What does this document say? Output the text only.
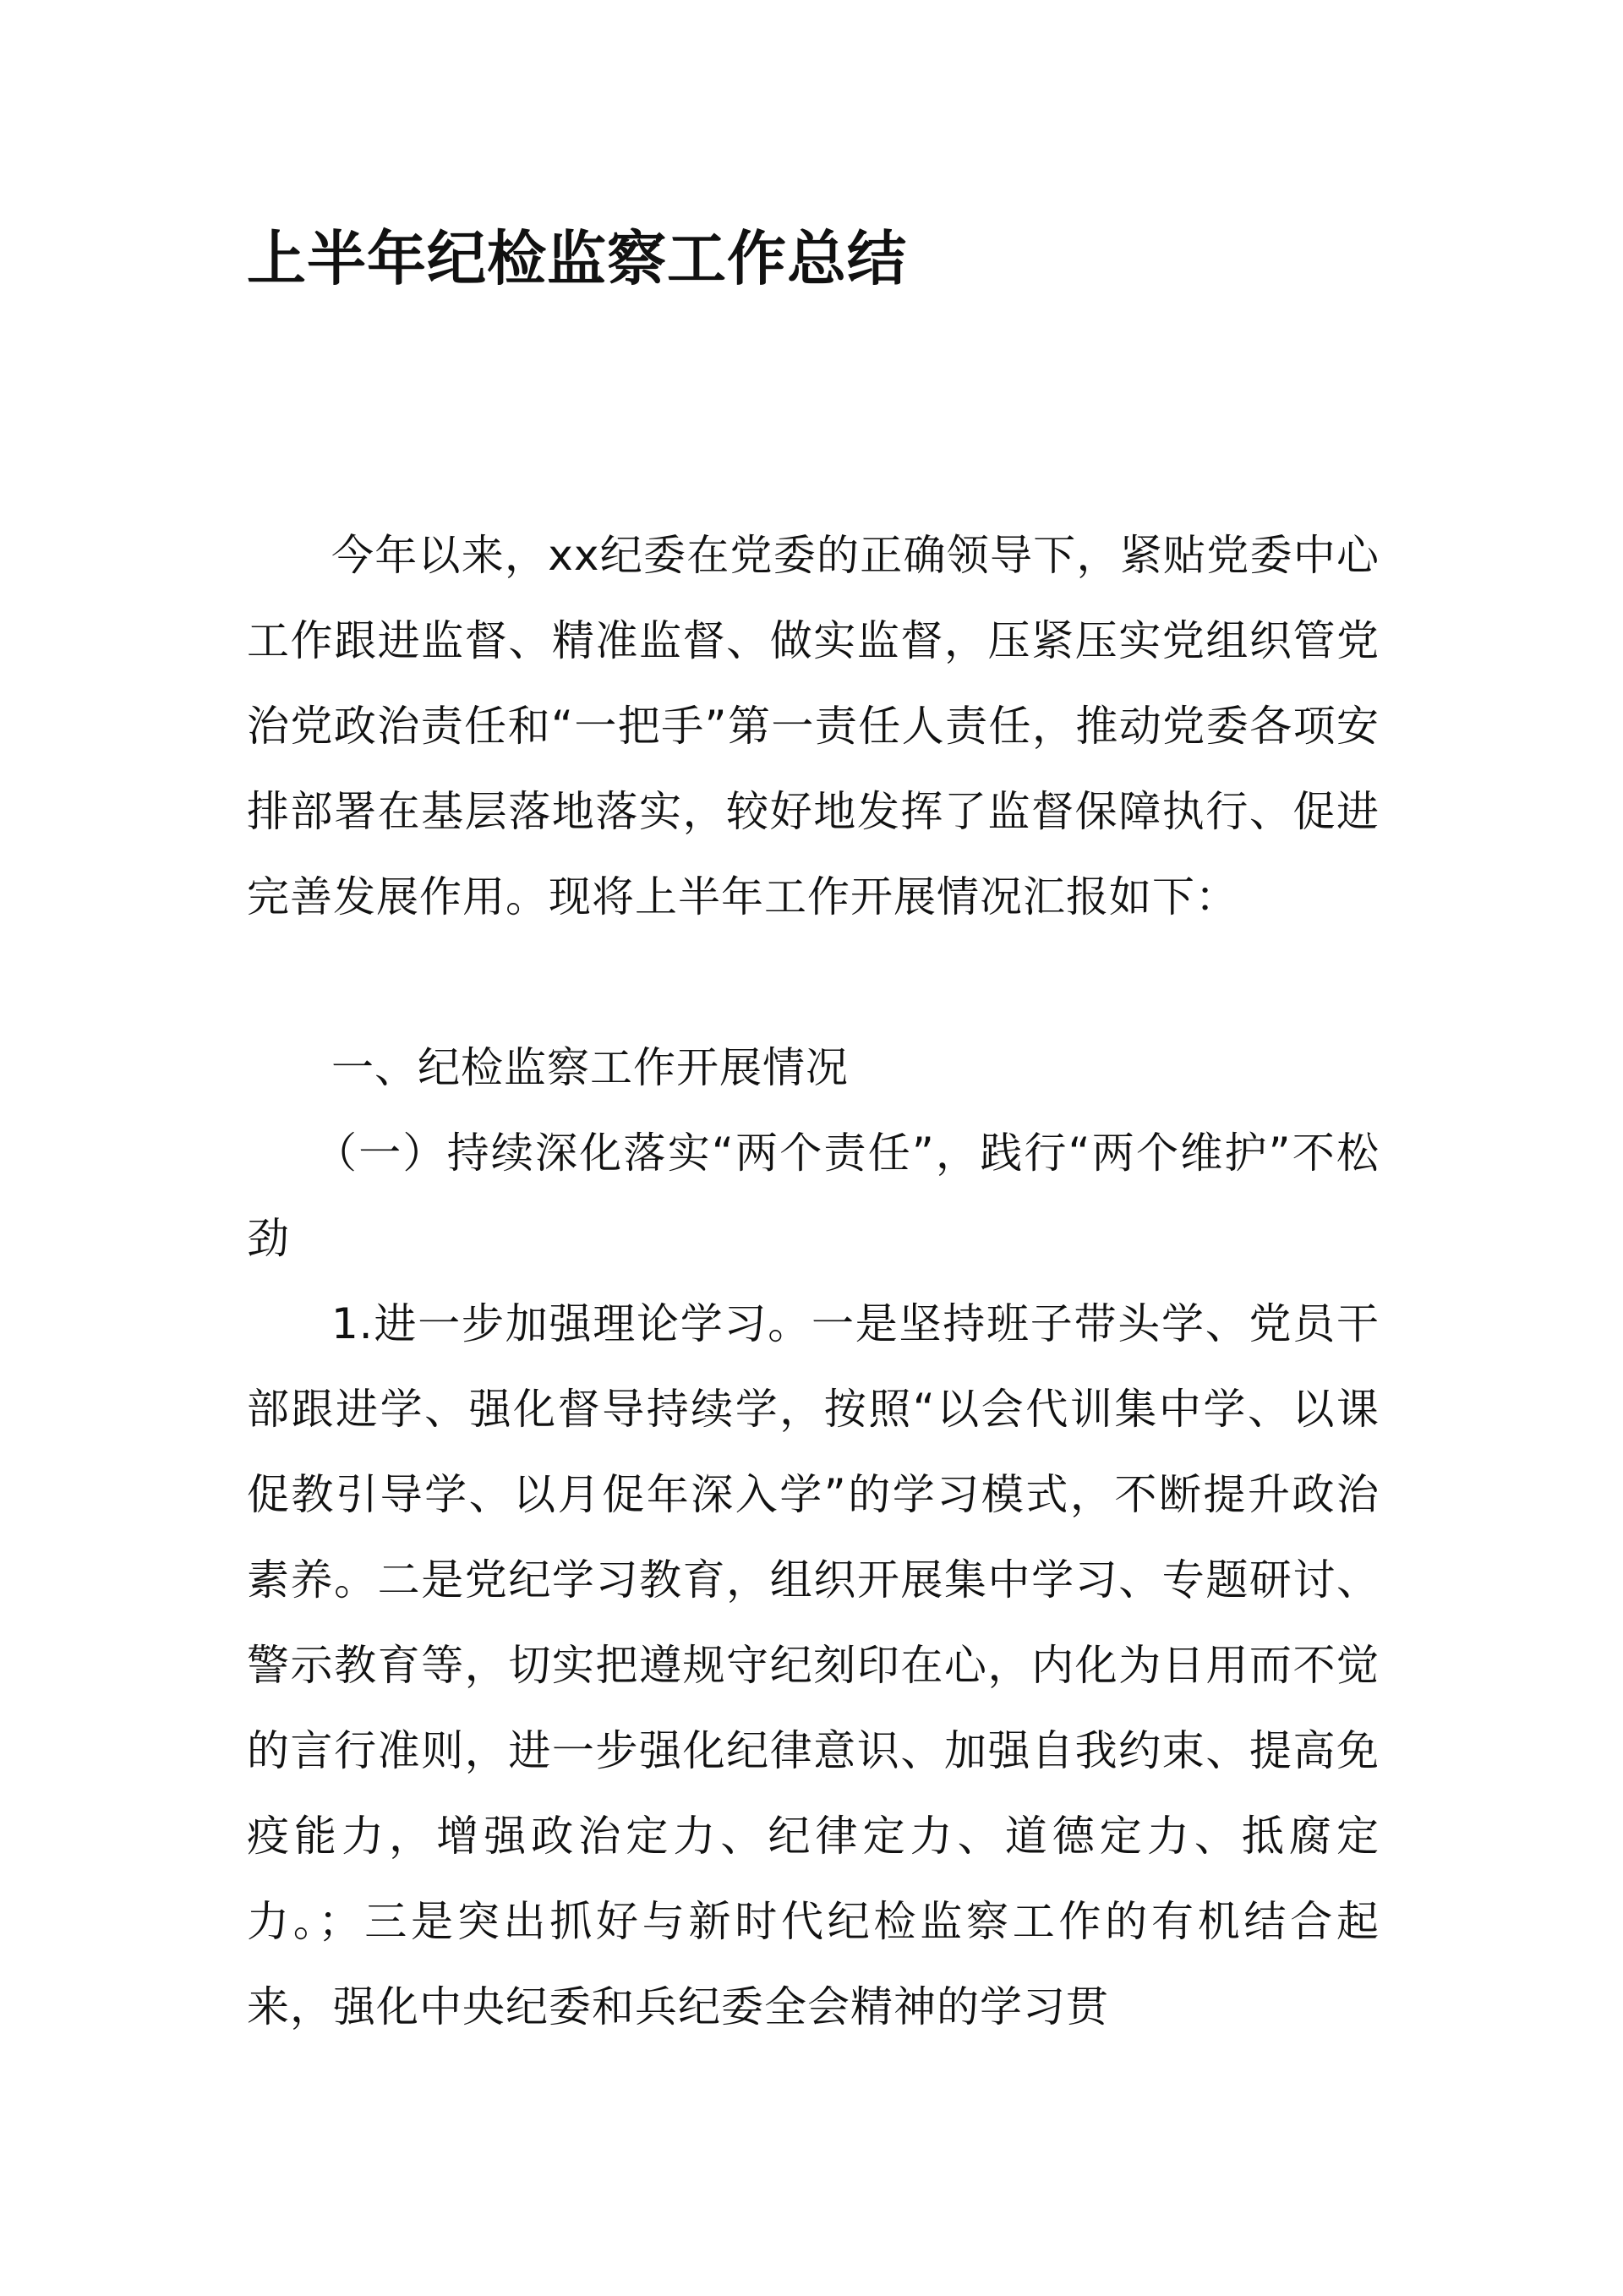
上半年纪检监察工作总结

今年以来，xx纪委在党委的正确领导下，紧贴党委中心工作跟进监督、精准监督、做实监督，压紧压实党组织管党治党政治责任和“一把手”第一责任人责任，推动党委各项安排部署在基层落地落实，较好地发挥了监督保障执行、促进完善发展作用。现将上半年工作开展情况汇报如下：

一、纪检监察工作开展情况

（一）持续深化落实“两个责任”，践行“两个维护”不松劲

1.进一步加强理论学习。一是坚持班子带头学、党员干部跟进学、强化督导持续学，按照“以会代训集中学、以课促教引导学、以月促年深入学”的学习模式，不断提升政治素养。二是党纪学习教育，组织开展集中学习、专题研讨、警示教育等，切实把遵规守纪刻印在心，内化为日用而不觉的言行准则，进一步强化纪律意识、加强自我约束、提高免疫能力，增强政治定力、纪律定力、道德定力、抵腐定力。；三是突出抓好与新时代纪检监察工作的有机结合起来，强化中央纪委和兵纪委全会精神的学习贯
